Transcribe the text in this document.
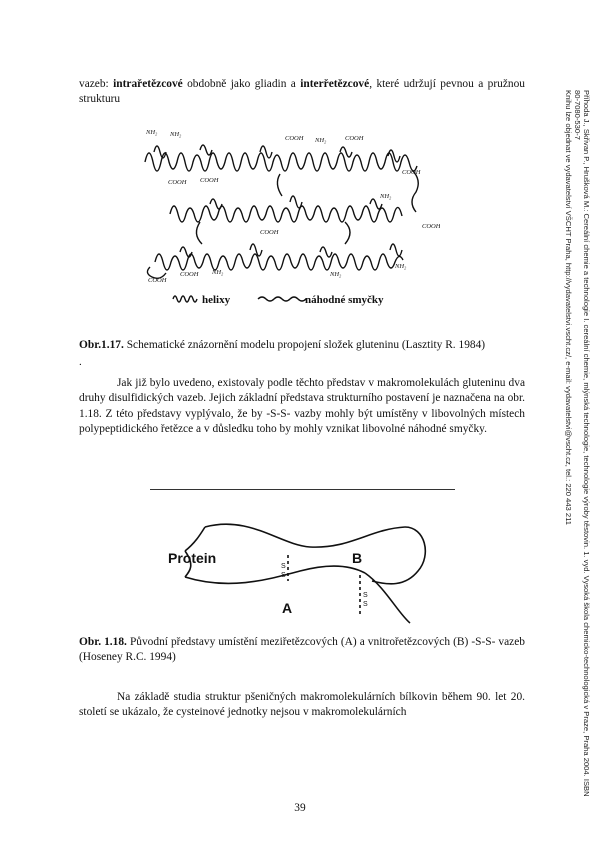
vazeb: intrařetězcové obdobně jako gliadin a interřetězcové, které udržují pevnou a pružnou strukturu
NH₂ NH₂
COOH COOH
COOH NH₂	COOH
COOH
NH₂
COOH
COOH
COOH
COOH NH₂	NH₂
NH₂
helixy	náhodné smyčky
Obr.1.17. Schematické znázornění modelu propojení složek gluteninu (Lasztity R. 1984)
.
Jak již bylo uvedeno, existovaly podle těchto představ v makromolekulách gluteninu dva druhy disulfidických vazeb. Jejich základní představa strukturního postavení je naznačena na obr. 1.18. Z této představy vyplývalo, že by -S-S- vazby mohly být umístěny v libovolných místech polypeptidického řetězce a v důsledku toho by mohly vznikat libovolné náhodné smyčky.
Protein
A
B
S
S
S
S
Obr. 1.18. Původní představy umístění meziřetězcových (A) a vnitrořetězcových (B) -S-S- vazeb (Hoseney R.C. 1994)
Na základě studia struktur pšeničných makromolekulárních bílkovin během 90. let 20. století se ukázalo, že cysteinové jednotky nejsou v makromolekulárních
39
Příhoda J., Skřivan P., Hrušková M.: Cereální chemie a technologie I. cereální chemie, mlýnská technologie, technologie výroby těstovin. 1. vyd. Vysoká škola chemicko-technologická v Praze, Praha 2004. ISBN
80-7080-530-7
Knihu lze objednat ve vydavatelství VŠCHT Praha, http://vydavatelstvi.vscht.cz/, e-mail: vydavatelstvi@vscht.cz, tel.: 220 443 211
